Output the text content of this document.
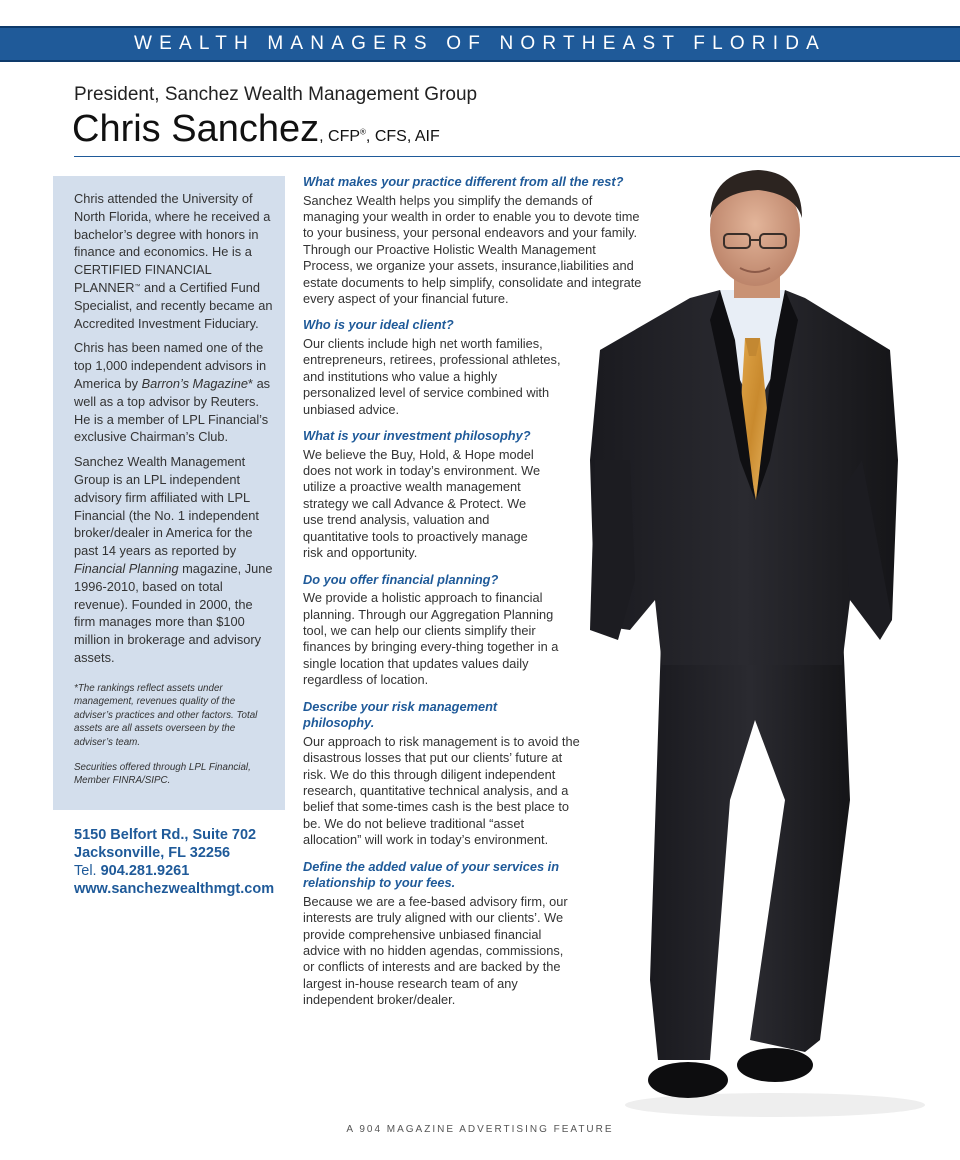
WEALTH MANAGERS OF NORTHEAST FLORIDA
President, Sanchez Wealth Management Group
Chris Sanchez, CFP®, CFS, AIF

Chris attended the University of North Florida, where he received a bachelor’s degree with honors in finance and economics. He is a CERTIFIED FINANCIAL PLANNER™ and a Certified Fund Specialist, and recently became an Accredited Investment Fiduciary.

Chris has been named one of the top 1,000 independent advisors in America by Barron’s Magazine* as well as a top advisor by Reuters. He is a member of LPL Financial’s exclusive Chairman’s Club.

Sanchez Wealth Management Group is an LPL independent advisory firm affiliated with LPL Financial (the No. 1 independent broker/dealer in America for the past 14 years as reported by Financial Planning magazine, June 1996-2010, based on total revenue). Founded in 2000, the firm manages more than $100 million in brokerage and advisory assets.

*The rankings reflect assets under management, revenues quality of the adviser’s practices and other factors. Total assets are all assets overseen by the adviser’s team.

Securities offered through LPL Financial, Member FINRA/SIPC.

5150 Belfort Rd., Suite 702
Jacksonville, FL 32256
Tel. 904.281.9261
www.sanchezwealthmgt.com

What makes your practice different from all the rest?

Sanchez Wealth helps you simplify the demands of managing your wealth in order to enable you to devote time to your business, your personal endeavors and your family. Through our Proactive Holistic Wealth Management Process, we organize your assets, insurance,liabilities and estate documents to help simplify, consolidate and integrate every aspect of your financial future.

Who is your ideal client?

Our clients include high net worth families, entrepreneurs, retirees, professional athletes, and institutions who value a highly personalized level of service combined with unbiased advice.

What is your investment philosophy?

We believe the Buy, Hold, & Hope model does not work in today’s environment. We utilize a proactive wealth management strategy we call Advance & Protect. We use trend analysis, valuation and quantitative tools to proactively manage risk and opportunity.

Do you offer financial planning?

We provide a holistic approach to financial planning. Through our Aggregation Planning tool, we can help our clients simplify their finances by bringing every-thing together in a single location that updates values daily regardless of location.

Describe your risk management philosophy.

Our approach to risk management is to avoid the disastrous losses that put our clients’ future at risk. We do this through diligent independent research, quantitative technical analysis, and a belief that some-times cash is the best place to be. We do not believe traditional “asset allocation” will work in today’s environment.

Define the added value of your services in relationship to your fees.

Because we are a fee-based advisory firm, our interests are truly aligned with our clients’. We provide comprehensive unbiased financial advice with no hidden agendas, commissions, or conflicts of interests and are backed by the largest in-house research team of any independent broker/dealer.

A 904 MAGAZINE ADVERTISING FEATURE
